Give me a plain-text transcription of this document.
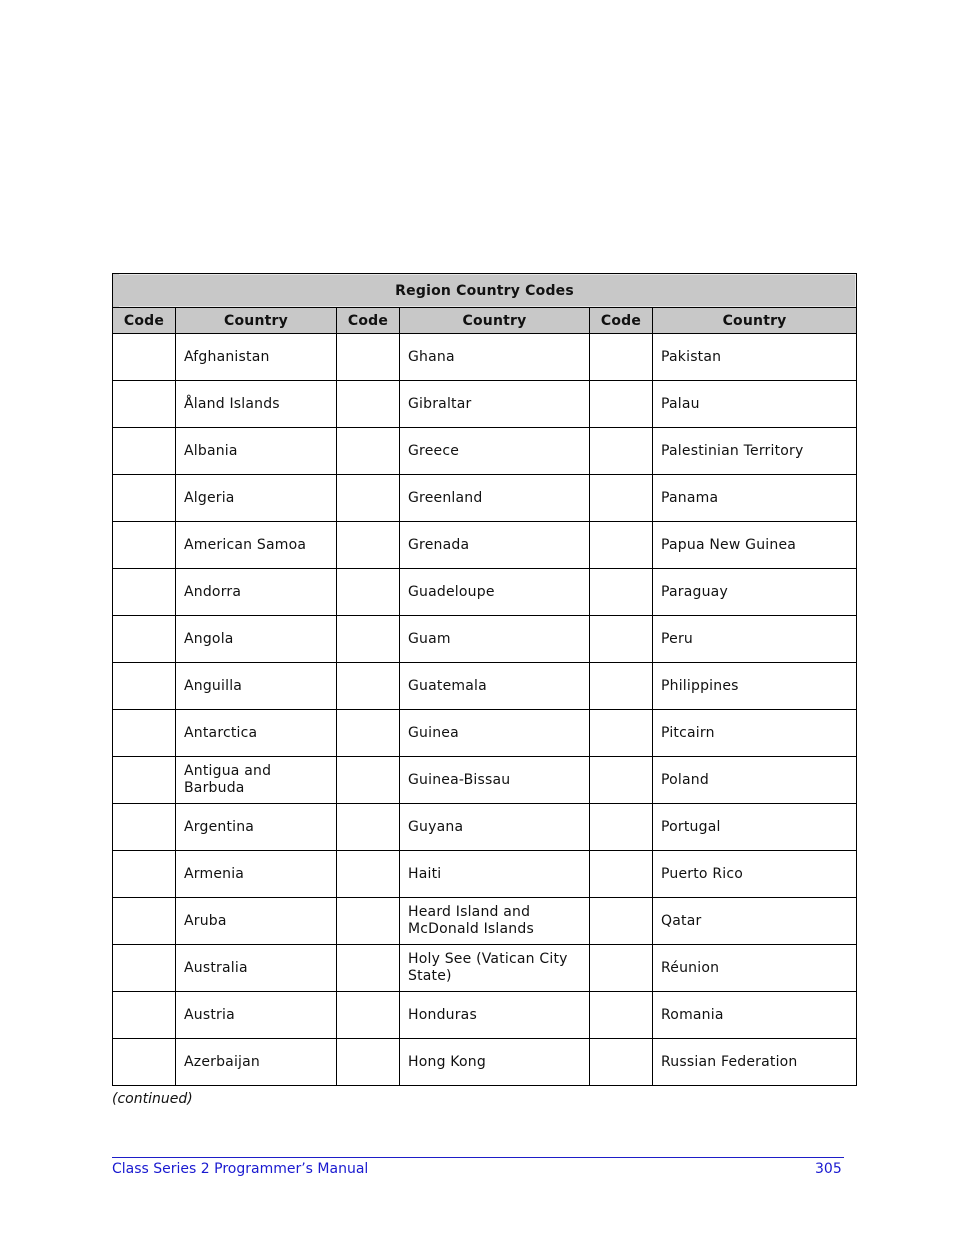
Region Country Codes					
Code	Country	Code	Country	Code	Country
	Afghanistan		Ghana		Pakistan
	Åland Islands		Gibraltar		Palau
	Albania		Greece		Palestinian Territory
	Algeria		Greenland		Panama
	American Samoa		Grenada		Papua New Guinea
	Andorra		Guadeloupe		Paraguay
	Angola		Guam		Peru
	Anguilla		Guatemala		Philippines
	Antarctica		Guinea		Pitcairn
	Antigua and Barbuda		Guinea-Bissau		Poland
	Argentina		Guyana		Portugal
	Armenia		Haiti		Puerto Rico
	Aruba		Heard Island and McDonald Islands		Qatar
	Australia		Holy See (Vatican City State)		Réunion
	Austria		Honduras		Romania
	Azerbaijan		Hong Kong		Russian Federation
(continued)
Class Series 2 Programmer’s Manual	305
